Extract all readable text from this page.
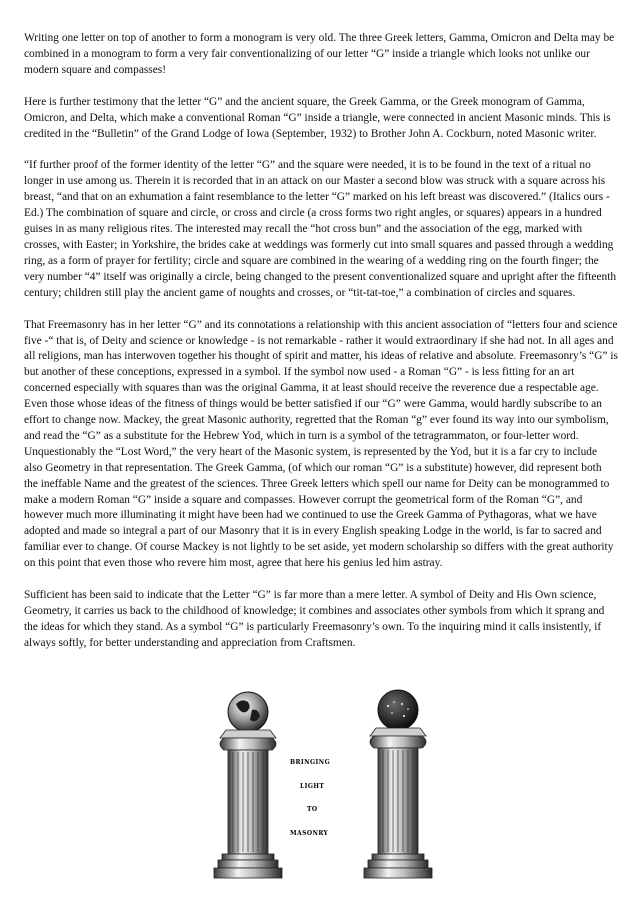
Writing one letter on top of another to form a monogram is very old. The three Greek letters, Gamma, Omicron and Delta may be combined in a monogram to form a very fair conventionalizing of our letter “G” inside a triangle which looks not unlike our modern square and compasses!

Here is further testimony that the letter “G” and the ancient square, the Greek Gamma, or the Greek monogram of Gamma, Omicron, and Delta, which make a conventional Roman “G” inside a triangle, were connected in ancient Masonic minds. This is credited in the “Bulletin” of the Grand Lodge of Iowa (September, 1932) to Brother John A. Cockburn, noted Masonic writer.

“If further proof of the former identity of the letter “G” and the square were needed, it is to be found in the text of a ritual no longer in use among us. Therein it is recorded that in an attack on our Master a second blow was struck with a square across his breast, “and that on an exhumation a faint resemblance to the letter “G” marked on his left breast was discovered.” (Italics ours - Ed.) The combination of square and circle, or cross and circle (a cross forms two right angles, or squares) appears in a hundred guises in as many religious rites. The interested may recall the “hot cross bun” and the association of the egg, marked with crosses, with Easter; in Yorkshire, the brides cake at weddings was formerly cut into small squares and passed through a wedding ring, as a form of prayer for fertility; circle and square are combined in the wearing of a wedding ring on the fourth finger; the very number “4” itself was originally a circle, being changed to the present conventionalized square and upright after the fifteenth century; children still play the ancient game of noughts and crosses, or “tit-tat-toe,” a combination of circles and squares.

That Freemasonry has in her letter “G” and its connotations a relationship with this ancient association of “letters four and science five -“ that is, of Deity and science or knowledge - is not remarkable - rather it would extraordinary if she had not. In all ages and all religions, man has interwoven together his thought of spirit and matter, his ideas of relative and absolute. Freemasonry’s “G” is but another of these conceptions, expressed in a symbol. If the symbol now used - a Roman “G” - is less fitting for an art concerned especially with squares than was the original Gamma, it at least should receive the reverence due a respectable age. Even those whose ideas of the fitness of things would be better satisfied if our “G” were Gamma, would hardly subscribe to an effort to change now. Mackey, the great Masonic authority, regretted that the Roman “g” ever found its way into our symbolism, and read the “G” as a substitute for the Hebrew Yod, which in turn is a symbol of the tetragrammaton, or four-letter word. Unquestionably the “Lost Word,” the very heart of the Masonic system, is represented by the Yod, but it is a far cry to include also Geometry in that representation. The Greek Gamma, (of which our roman “G” is a substitute) however, did represent both the ineffable Name and the greatest of the sciences. Three Greek letters which spell our name for Deity can be monogrammed to make a modern Roman “G” inside a square and compasses. However corrupt the geometrical form of the Roman “G”, and however much more illuminating it might have been had we continued to use the Greek Gamma of Pythagoras, what we have adopted and made so integral a part of our Masonry that it is in every English speaking Lodge in the world, is far to sacred and familiar ever to change. Of course Mackey is not lightly to be set aside, yet modern scholarship so differs with the great authority on this point that even those who revere him most, agree that here his genius led him astray.

Sufficient has been said to indicate that the Letter “G” is far more than a mere letter. A symbol of Deity and His Own science, Geometry, it carries us back to the childhood of knowledge; it combines and associates other symbols from which it sprang and the ideas for which they stand. As a symbol “G” is particularly Freemasonry’s own. To the inquiring mind it calls insistently, if always softly, for better understanding and appreciation from Craftsmen.

BRINGING
LIGHT
TO
MASONRY
